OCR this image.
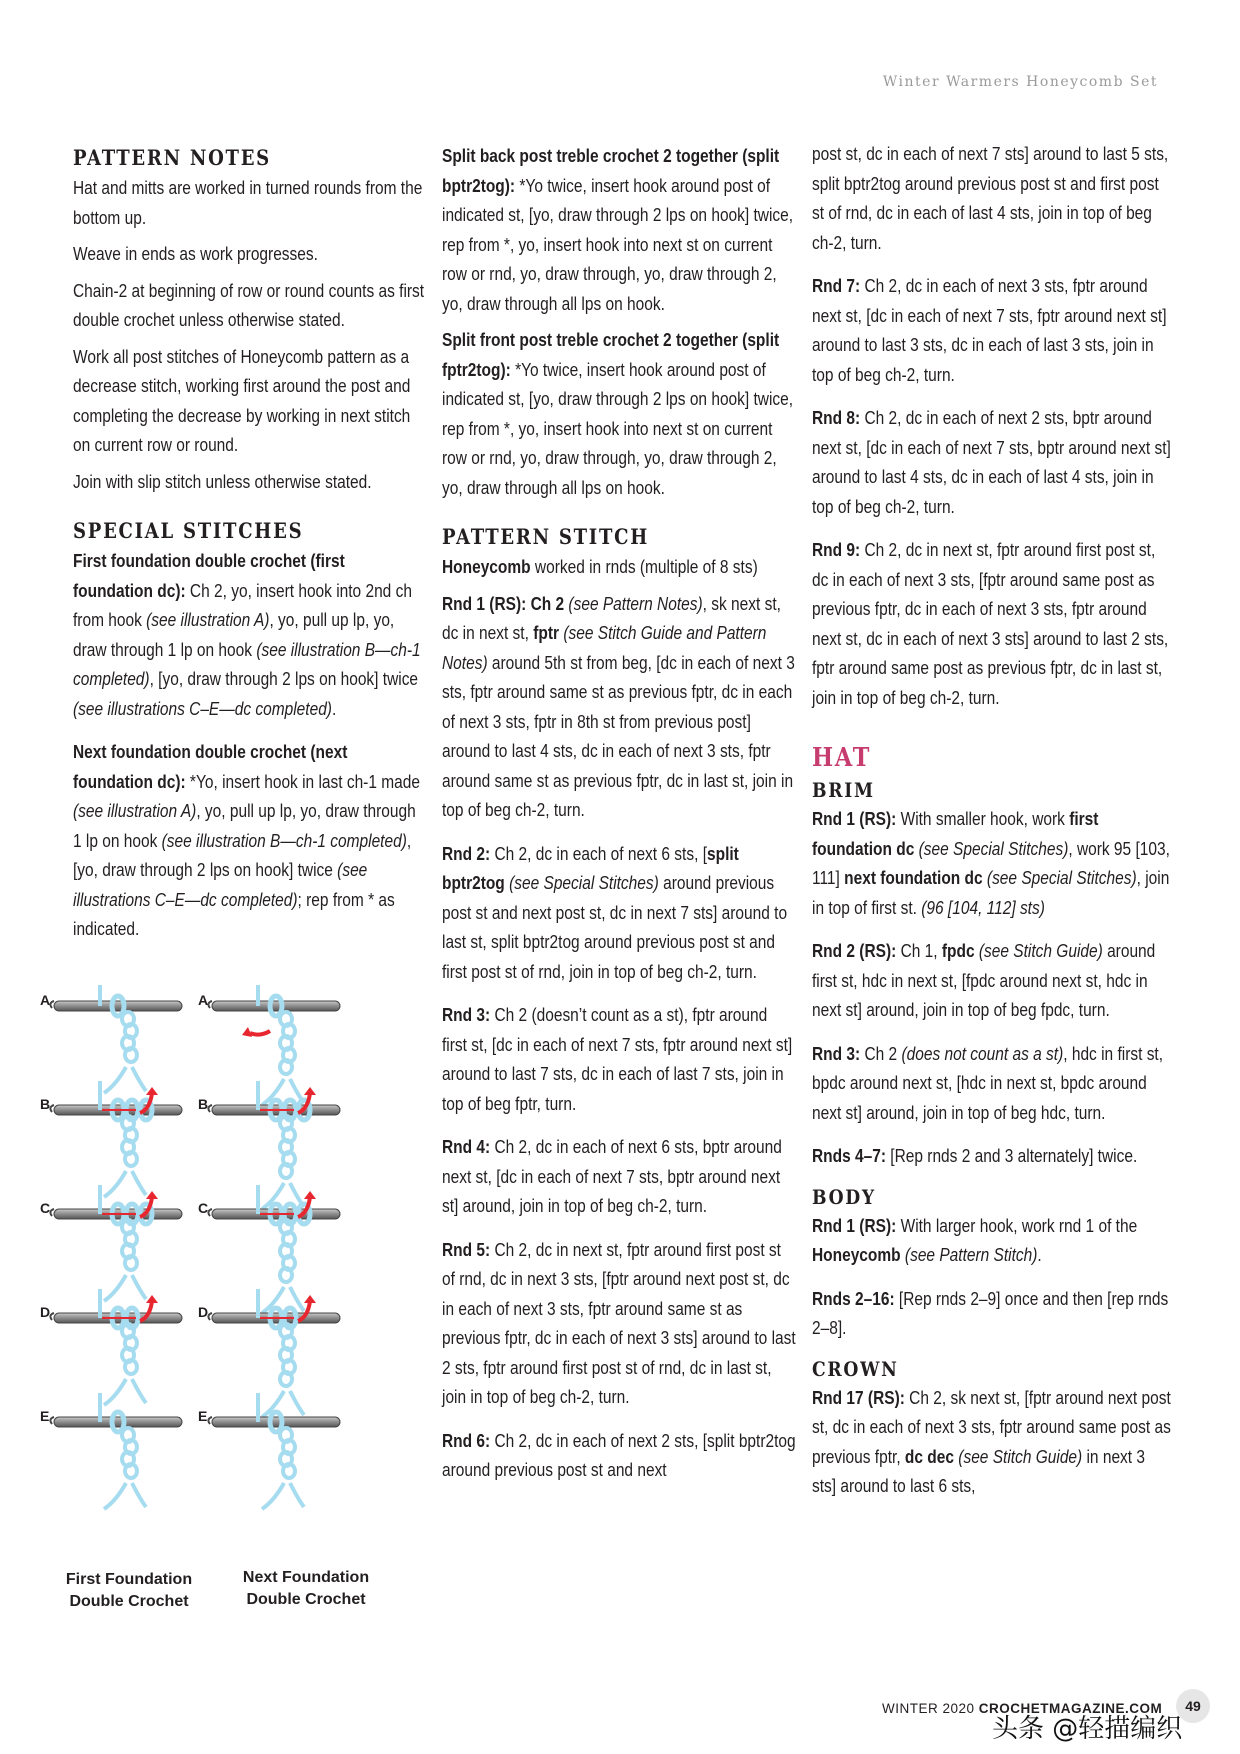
Winter Warmers Honeycomb Set
PATTERN NOTES

Hat and mitts are worked in turned rounds from the bottom up.

Weave in ends as work progresses.

Chain-2 at beginning of row or round counts as first double crochet unless otherwise stated.

Work all post stitches of Honeycomb pattern as a decrease stitch, working first around the post and completing the decrease by working in next stitch on current row or round.

Join with slip stitch unless otherwise stated.

SPECIAL STITCHES

First foundation double crochet (first foundation dc): Ch 2, yo, insert hook into 2nd ch from hook (see illustration A), yo, pull up lp, yo, draw through 1 lp on hook (see illustration B—ch-1 completed), [yo, draw through 2 lps on hook] twice (see illustrations C–E—dc completed).

Next foundation double crochet (next foundation dc): *Yo, insert hook in last ch-1 made (see illustration A), yo, pull up lp, yo, draw through 1 lp on hook (see illustration B—ch-1 completed), [yo, draw through 2 lps on hook] twice (see illustrations C–E—dc completed); rep from * as indicated.

A	A
B	B
C	C
D	D
E	E
First Foundation Double Crochet
Next Foundation Double Crochet

Split back post treble crochet 2 together (split bptr2tog): *Yo twice, insert hook around post of indicated st, [yo, draw through 2 lps on hook] twice, rep from *, yo, insert hook into next st on current row or rnd, yo, draw through, yo, draw through 2, yo, draw through all lps on hook.

Split front post treble crochet 2 together (split fptr2tog): *Yo twice, insert hook around post of indicated st, [yo, draw through 2 lps on hook] twice, rep from *, yo, insert hook into next st on current row or rnd, yo, draw through, yo, draw through 2, yo, draw through all lps on hook.

PATTERN STITCH

Honeycomb worked in rnds (multiple of 8 sts)

Rnd 1 (RS): Ch 2 (see Pattern Notes), sk next st, dc in next st, fptr (see Stitch Guide and Pattern Notes) around 5th st from beg, [dc in each of next 3 sts, fptr around same st as previous fptr, dc in each of next 3 sts, fptr in 8th st from previous post] around to last 4 sts, dc in each of next 3 sts, fptr around same st as previous fptr, dc in last st, join in top of beg ch-2, turn.

Rnd 2: Ch 2, dc in each of next 6 sts, [split bptr2tog (see Special Stitches) around previous post st and next post st, dc in next 7 sts] around to last st, split bptr2tog around previous post st and first post st of rnd, join in top of beg ch-2, turn.

Rnd 3: Ch 2 (doesn’t count as a st), fptr around first st, [dc in each of next 7 sts, fptr around next st] around to last 7 sts, dc in each of last 7 sts, join in top of beg fptr, turn.

Rnd 4: Ch 2, dc in each of next 6 sts, bptr around next st, [dc in each of next 7 sts, bptr around next st] around, join in top of beg ch-2, turn.

Rnd 5: Ch 2, dc in next st, fptr around first post st of rnd, dc in next 3 sts, [fptr around next post st, dc in each of next 3 sts, fptr around same st as previous fptr, dc in each of next 3 sts] around to last 2 sts, fptr around first post st of rnd, dc in last st, join in top of beg ch-2, turn.

Rnd 6: Ch 2, dc in each of next 2 sts, [split bptr2tog around previous post st and next

post st, dc in each of next 7 sts] around to last 5 sts, split bptr2tog around previous post st and first post st of rnd, dc in each of last 4 sts, join in top of beg ch-2, turn.

Rnd 7: Ch 2, dc in each of next 3 sts, fptr around next st, [dc in each of next 7 sts, fptr around next st] around to last 3 sts, dc in each of last 3 sts, join in top of beg ch-2, turn.

Rnd 8: Ch 2, dc in each of next 2 sts, bptr around next st, [dc in each of next 7 sts, bptr around next st] around to last 4 sts, dc in each of last 4 sts, join in top of beg ch-2, turn.

Rnd 9: Ch 2, dc in next st, fptr around first post st, dc in each of next 3 sts, [fptr around same post as previous fptr, dc in each of next 3 sts, fptr around next st, dc in each of next 3 sts] around to last 2 sts, fptr around same post as previous fptr, dc in last st, join in top of beg ch-2, turn.

HAT
BRIM

Rnd 1 (RS): With smaller hook, work first foundation dc (see Special Stitches), work 95 [103, 111] next foundation dc (see Special Stitches), join in top of first st. (96 [104, 112] sts)

Rnd 2 (RS): Ch 1, fpdc (see Stitch Guide) around first st, hdc in next st, [fpdc around next st, hdc in next st] around, join in top of beg fpdc, turn.

Rnd 3: Ch 2 (does not count as a st), hdc in first st, bpdc around next st, [hdc in next st, bpdc around next st] around, join in top of beg hdc, turn.

Rnds 4–7: [Rep rnds 2 and 3 alternately] twice.

BODY

Rnd 1 (RS): With larger hook, work rnd 1 of the Honeycomb (see Pattern Stitch).

Rnds 2–16: [Rep rnds 2–9] once and then [rep rnds 2–8].

CROWN

Rnd 17 (RS): Ch 2, sk next st, [fptr around next post st, dc in each of next 3 sts, fptr around same post as previous fptr, dc dec (see Stitch Guide) in next 3 sts] around to last 6 sts,

WINTER 2020 CROCHETMAGAZINE.COM	49
头条 @轻描编织
